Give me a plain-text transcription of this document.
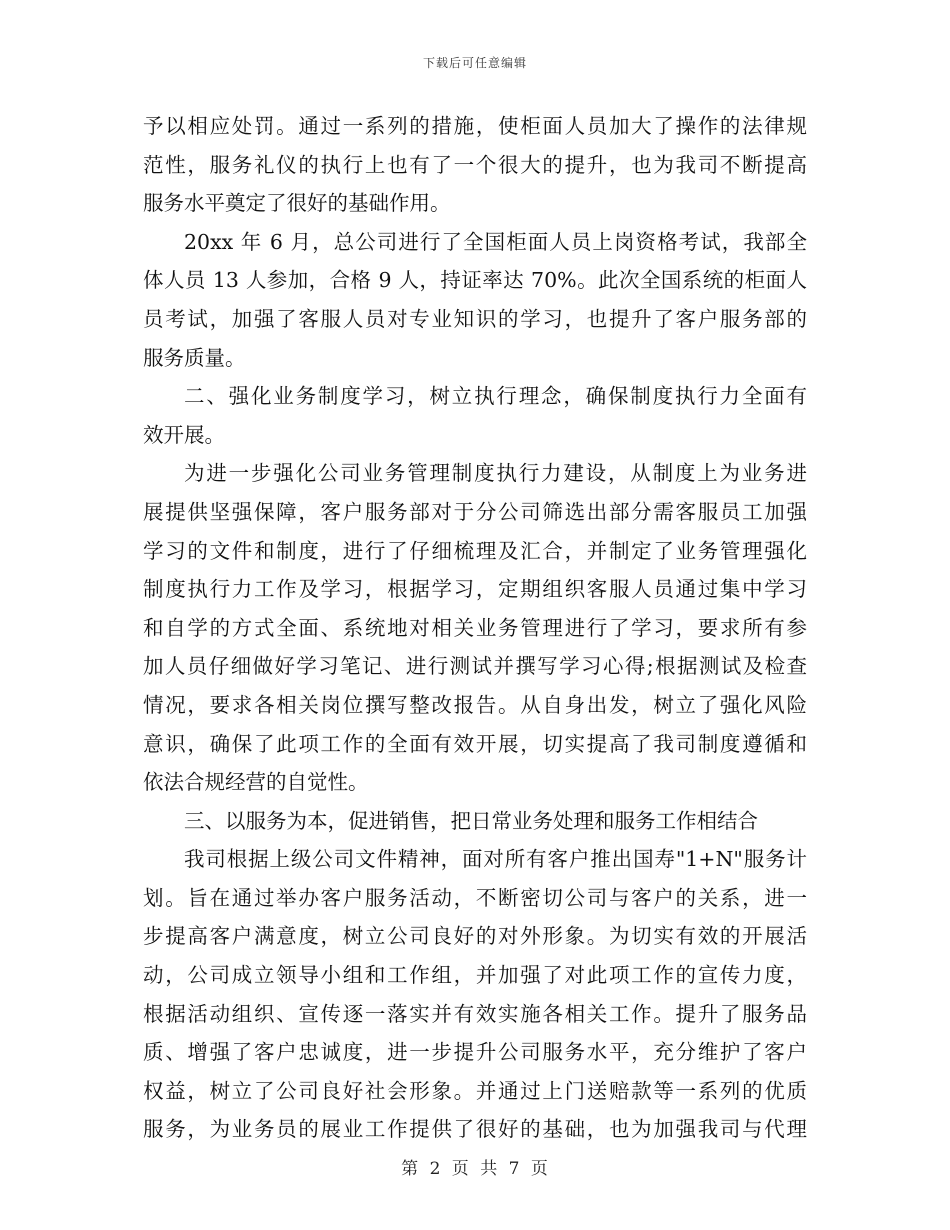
下载后可任意编辑
予以相应处罚。通过一系列的措施，使柜面人员加大了操作的法律规
范性，服务礼仪的执行上也有了一个很大的提升，也为我司不断提高
服务水平奠定了很好的基础作用。
20xx 年 6 月，总公司进行了全国柜面人员上岗资格考试，我部全
体人员 13 人参加，合格 9 人，持证率达 70%。此次全国系统的柜面人
员考试，加强了客服人员对专业知识的学习，也提升了客户服务部的
服务质量。
二、强化业务制度学习，树立执行理念，确保制度执行力全面有
效开展。
为进一步强化公司业务管理制度执行力建设，从制度上为业务进
展提供坚强保障，客户服务部对于分公司筛选出部分需客服员工加强
学习的文件和制度，进行了仔细梳理及汇合，并制定了业务管理强化
制度执行力工作及学习，根据学习，定期组织客服人员通过集中学习
和自学的方式全面、系统地对相关业务管理进行了学习，要求所有参
加人员仔细做好学习笔记、进行测试并撰写学习心得;根据测试及检查
情况，要求各相关岗位撰写整改报告。从自身出发，树立了强化风险
意识，确保了此项工作的全面有效开展，切实提高了我司制度遵循和
依法合规经营的自觉性。
三、以服务为本，促进销售，把日常业务处理和服务工作相结合
我司根据上级公司文件精神，面对所有客户推出国寿"1+N"服务计
划。旨在通过举办客户服务活动，不断密切公司与客户的关系，进一
步提高客户满意度，树立公司良好的对外形象。为切实有效的开展活
动，公司成立领导小组和工作组，并加强了对此项工作的宣传力度，
根据活动组织、宣传逐一落实并有效实施各相关工作。提升了服务品
质、增强了客户忠诚度，进一步提升公司服务水平，充分维护了客户
权益，树立了公司良好社会形象。并通过上门送赔款等一系列的优质
服务，为业务员的展业工作提供了很好的基础，也为加强我司与代理
第 2 页 共 7 页
